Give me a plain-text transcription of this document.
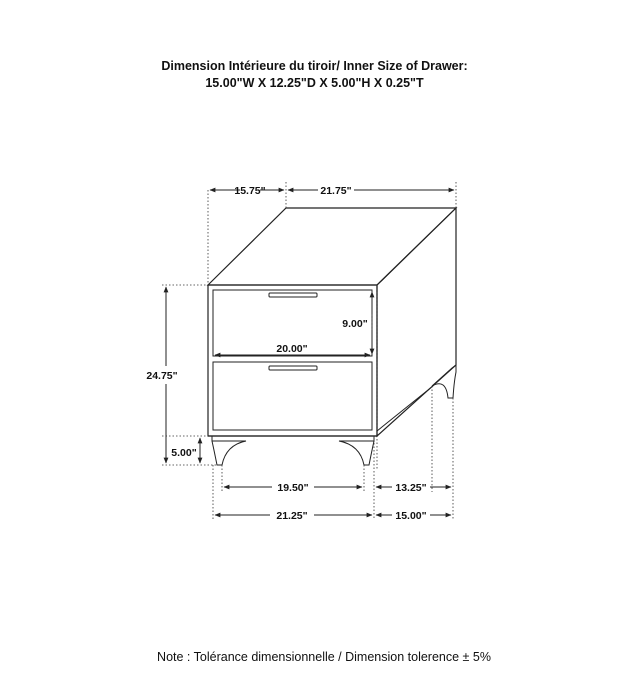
Dimension Intérieure du tiroir/ Inner Size of Drawer:
15.00"W X 12.25"D X 5.00"H X 0.25"T
15.75"	21.75"
24.75"
5.00"
9.00"
20.00"
19.50"	13.25"
21.25"	15.00"
Note : Tolérance dimensionnelle / Dimension tolerence ± 5%
